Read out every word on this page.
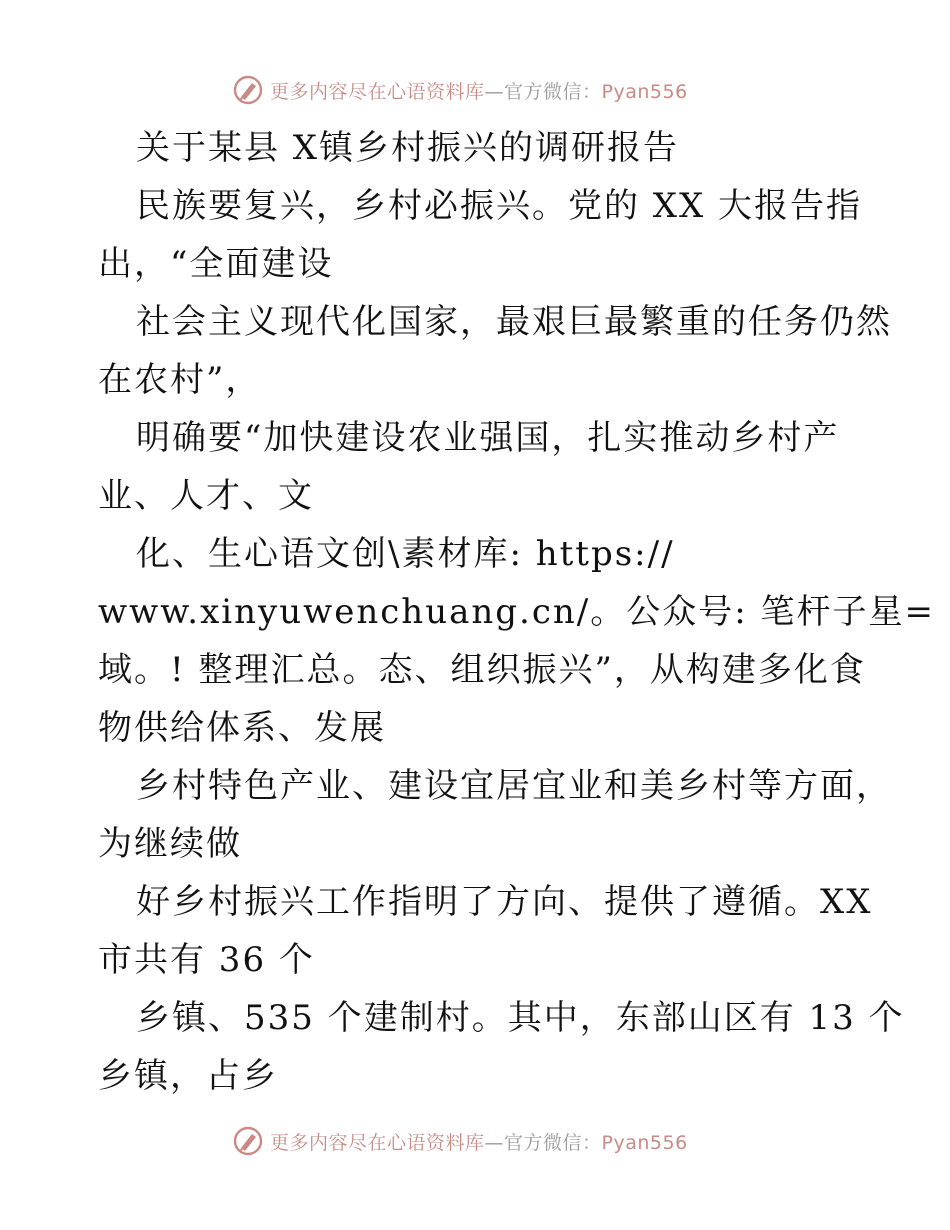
更多内容尽在心语资料库—官方微信：Pyan556
关于某县 X镇乡村振兴的调研报告
民族要复兴，乡村必振兴。党的 XX 大报告指
出，“全面建设
社会主义现代化国家，最艰巨最繁重的任务仍然
在农村”，
明确要“加快建设农业强国，扎实推动乡村产
业、人才、文
化、生心语文创\素材库: https://
www.xinyuwenchuang.cn/。公众号: 笔杆子星=
域。! 整理汇总。态、组织振兴”，从构建多化食
物供给体系、发展
乡村特色产业、建设宜居宜业和美乡村等方面，
为继续做
好乡村振兴工作指明了方向、提供了遵循。XX
市共有 36 个
乡镇、535 个建制村。其中，东部山区有 13 个
乡镇，占乡
更多内容尽在心语资料库—官方微信：Pyan556
